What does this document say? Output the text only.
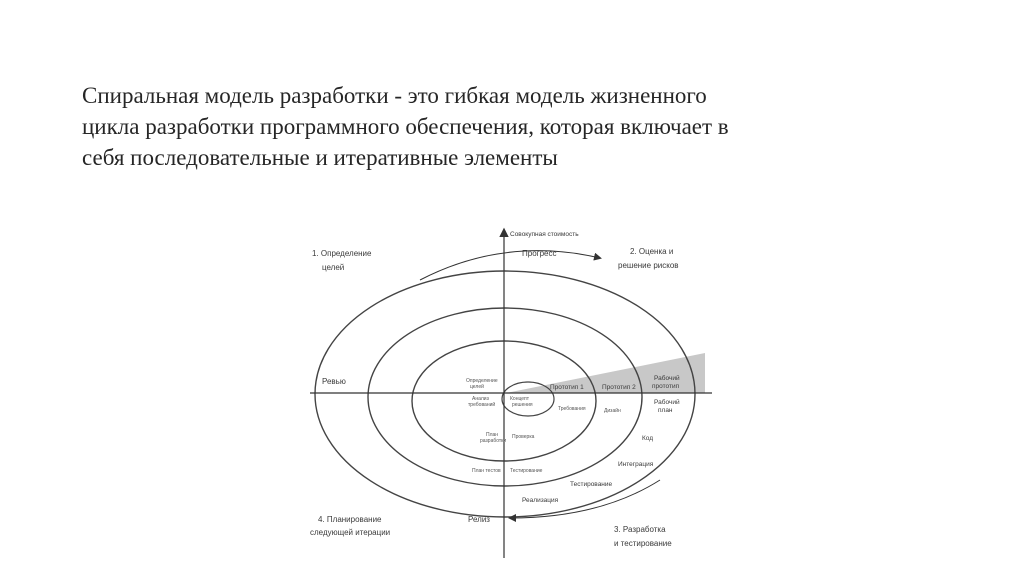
Спиральная модель разработки - это гибкая модель жизненного
цикла разработки программного обеспечения, которая включает в
себя последовательные и итеративные элементы

Совокупная стоимость
Прогресс
1. Определение
целей
2. Оценка и
решение рисков
4. Планирование
следующей итерации	3. Разработка
и тестирование
Ревью
Релиз
Прототип 1	Прототип 2
Рабочий
прототип
Рабочий
план
Код
Интеграция
Тестирование
Реализация
Определение
целей
Анализ
требований
Концепт
решения
Требования	Дизайн
План
разработки
Проверка
План тестов Тестирование
